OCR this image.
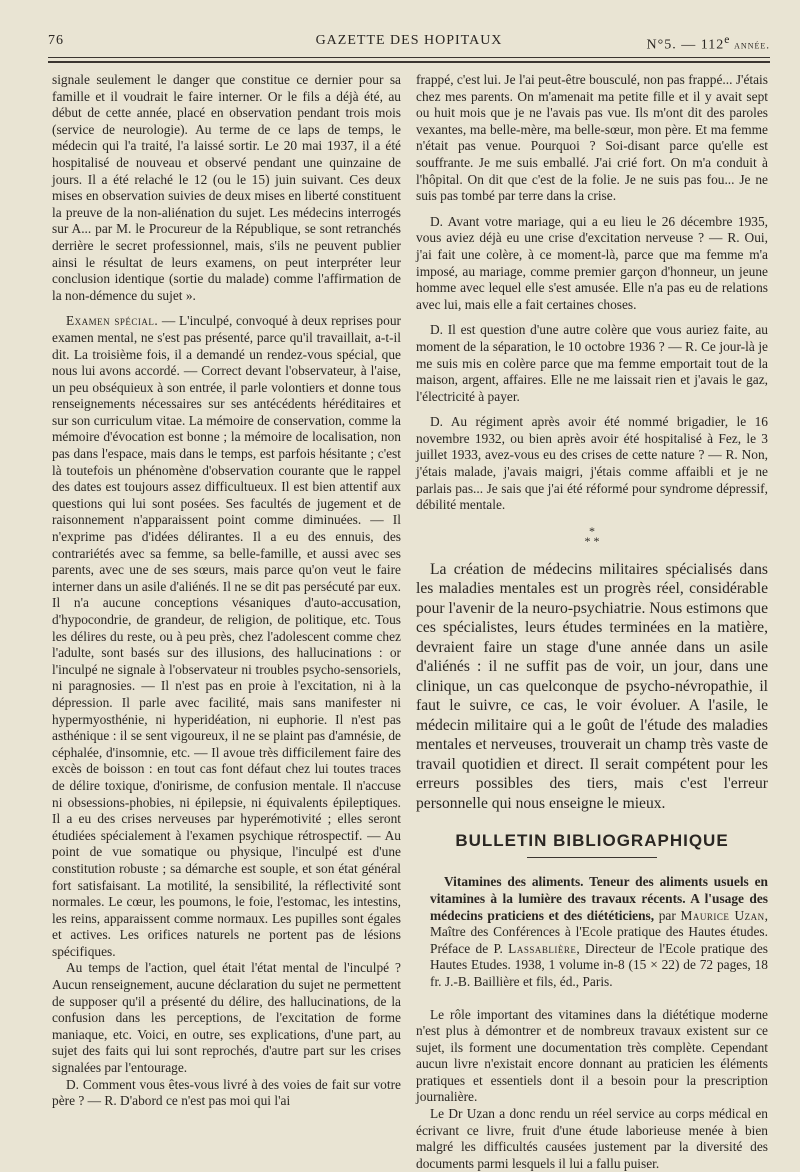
76	GAZETTE DES HOPITAUX	N°5. — 112e année.

signale seulement le danger que constitue ce dernier pour sa famille et il voudrait le faire interner. Or le fils a déjà été, au début de cette année, placé en observation pendant trois mois (service de neurologie). Au terme de ce laps de temps, le médecin qui l'a traité, l'a laissé sortir. Le 20 mai 1937, il a été hospitalisé de nouveau et observé pendant une quinzaine de jours. Il a été relaché le 12 (ou le 15) juin suivant. Ces deux mises en observation suivies de deux mises en liberté constituent la preuve de la non-aliénation du sujet. Les médecins interrogés sur A... par M. le Procureur de la République, se sont retranchés derrière le secret professionnel, mais, s'ils ne peuvent publier ainsi le résultat de leurs examens, on peut interpréter leur conclusion identique (sortie du malade) comme l'affirmation de la non-démence du sujet ».

Examen spécial. — L'inculpé, convoqué à deux reprises pour examen mental, ne s'est pas présenté, parce qu'il travaillait, a-t-il dit. La troisième fois, il a demandé un rendez-vous spécial, que nous lui avons accordé. — Correct devant l'observateur, à l'aise, un peu obséquieux à son entrée, il parle volontiers et donne tous renseignements nécessaires sur ses antécédents héréditaires et sur son curriculum vitae. La mémoire de conservation, comme la mémoire d'évocation est bonne ; la mémoire de localisation, non pas dans l'espace, mais dans le temps, est parfois hésitante ; c'est là toutefois un phénomène d'observation courante que le rappel des dates est toujours assez difficultueux. Il est bien attentif aux questions qui lui sont posées. Ses facultés de jugement et de raisonnement n'apparaissent point comme diminuées. — Il n'exprime pas d'idées délirantes. Il a eu des ennuis, des contrariétés avec sa femme, sa belle-famille, et aussi avec ses parents, avec une de ses sœurs, mais parce qu'on veut le faire interner dans un asile d'aliénés. Il ne se dit pas persécuté par eux. Il n'a aucune conceptions vésaniques d'auto-accusation, d'hypocondrie, de grandeur, de religion, de politique, etc. Tous les délires du reste, ou à peu près, chez l'adolescent comme chez l'adulte, sont basés sur des illusions, des hallucinations : or l'inculpé ne signale à l'observateur ni troubles psycho-sensoriels, ni paragnosies. — Il n'est pas en proie à l'excitation, ni à la dépression. Il parle avec facilité, mais sans manifester ni hypermyosthénie, ni hyperidéation, ni euphorie. Il n'est pas asthénique : il se sent vigoureux, il ne se plaint pas d'amnésie, de céphalée, d'insomnie, etc. — Il avoue très difficilement faire des excès de boisson : en tout cas font défaut chez lui toutes traces de délire toxique, d'onirisme, de confusion mentale. Il n'accuse ni obsessions-phobies, ni épilepsie, ni équivalents épileptiques. Il a eu des crises nerveuses par hyperémotivité ; elles seront étudiées spécialement à l'examen psychique rétrospectif. — Au point de vue somatique ou physique, l'inculpé est d'une constitution robuste ; sa démarche est souple, et son état général fort satisfaisant. La motilité, la sensibilité, la réflectivité sont normales. Le cœur, les poumons, le foie, l'estomac, les intestins, les reins, apparaissent comme normaux. Les pupilles sont égales et actives. Les orifices naturels ne portent pas de lésions spécifiques.

Au temps de l'action, quel était l'état mental de l'inculpé ? Aucun renseignement, aucune déclaration du sujet ne permettent de supposer qu'il a présenté du délire, des hallucinations, de la confusion dans les perceptions, de l'excitation de forme maniaque, etc. Voici, en outre, ses explications, d'une part, au sujet des faits qui lui sont reprochés, d'autre part sur les crises signalées par l'entourage.

D. Comment vous êtes-vous livré à des voies de fait sur votre père ? — R. D'abord ce n'est pas moi qui l'ai

frappé, c'est lui. Je l'ai peut-être bousculé, non pas frappé... J'étais chez mes parents. On m'amenait ma petite fille et il y avait sept ou huit mois que je ne l'avais pas vue. Ils m'ont dit des paroles vexantes, ma belle-mère, ma belle-sœur, mon père. Et ma femme n'était pas venue. Pourquoi ? Soi-disant parce qu'elle est souffrante. Je me suis emballé. J'ai crié fort. On m'a conduit à l'hôpital. On dit que c'est de la folie. Je ne suis pas fou... Je ne suis pas tombé par terre dans la crise.

D. Avant votre mariage, qui a eu lieu le 26 décembre 1935, vous aviez déjà eu une crise d'excitation nerveuse ? — R. Oui, j'ai fait une colère, à ce moment-là, parce que ma femme m'a imposé, au mariage, comme premier garçon d'honneur, un jeune homme avec lequel elle s'est amusée. Elle n'a pas eu de relations avec lui, mais elle a fait certaines choses.

D. Il est question d'une autre colère que vous auriez faite, au moment de la séparation, le 10 octobre 1936 ? — R. Ce jour-là je me suis mis en colère parce que ma femme emportait tout de la maison, argent, affaires. Elle ne me laissait rien et j'avais le gaz, l'électricité à payer.

D. Au régiment après avoir été nommé brigadier, le 16 novembre 1932, ou bien après avoir été hospitalisé à Fez, le 3 juillet 1933, avez-vous eu des crises de cette nature ? — R. Non, j'étais malade, j'avais maigri, j'étais comme affaibli et je ne parlais pas... Je sais que j'ai été réformé pour syndrome dépressif, débilité mentale.

*
* *

La création de médecins militaires spécialisés dans les maladies mentales est un progrès réel, considérable pour l'avenir de la neuro-psychiatrie. Nous estimons que ces spécialistes, leurs études terminées en la matière, devraient faire un stage d'une année dans un asile d'aliénés : il ne suffit pas de voir, un jour, dans une clinique, un cas quelconque de psycho-névropathie, il faut le suivre, ce cas, le voir évoluer. A l'asile, le médecin militaire qui a le goût de l'étude des maladies mentales et nerveuses, trouverait un champ très vaste de travail quotidien et direct. Il serait compétent pour les erreurs possibles des tiers, mais c'est l'erreur personnelle qui nous enseigne le mieux.

BULLETIN BIBLIOGRAPHIQUE

Vitamines des aliments. Teneur des aliments usuels en vitamines à la lumière des travaux récents. A l'usage des médecins praticiens et des diététiciens, par Maurice Uzan, Maître des Conférences à l'Ecole pratique des Hautes études. Préface de P. Lassablière, Directeur de l'Ecole pratique des Hautes Etudes. 1938, 1 volume in-8 (15 × 22) de 72 pages, 18 fr. J.-B. Baillière et fils, éd., Paris.

Le rôle important des vitamines dans la diététique moderne n'est plus à démontrer et de nombreux travaux existent sur ce sujet, ils forment une documentation très complète. Cependant aucun livre n'existait encore donnant au praticien les éléments pratiques et essentiels dont il a besoin pour la prescription journalière.

Le Dr Uzan a donc rendu un réel service au corps médical en écrivant ce livre, fruit d'une étude laborieuse menée à bien malgré les difficultés causées justement par la diversité des documents parmi lesquels il lui a fallu puiser.
